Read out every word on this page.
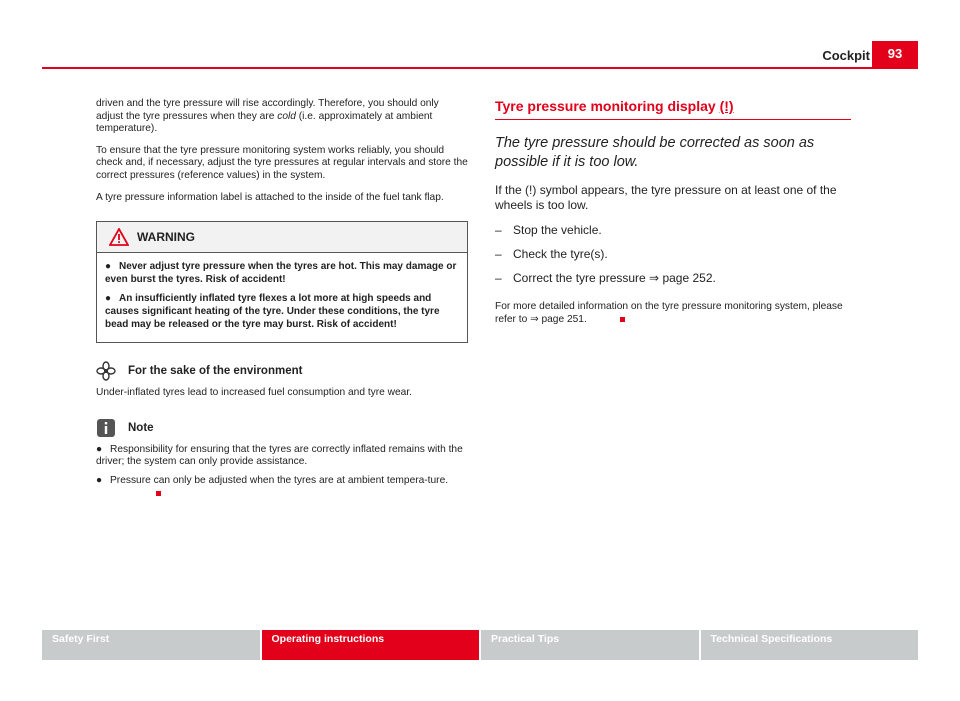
Cockpit	93

driven and the tyre pressure will rise accordingly. Therefore, you should only adjust the tyre pressures when they are cold (i.e. approximately at ambient temperature).

To ensure that the tyre pressure monitoring system works reliably, you should check and, if necessary, adjust the tyre pressures at regular intervals and store the correct pressures (reference values) in the system.

A tyre pressure information label is attached to the inside of the fuel tank flap.

WARNING

● Never adjust tyre pressure when the tyres are hot. This may damage or even burst the tyres. Risk of accident!

● An insufficiently inflated tyre flexes a lot more at high speeds and causes significant heating of the tyre. Under these conditions, the tyre bead may be released or the tyre may burst. Risk of accident!

For the sake of the environment

Under-inflated tyres lead to increased fuel consumption and tyre wear.

Note

● Responsibility for ensuring that the tyres are correctly inflated remains with the driver; the system can only provide assistance.

● Pressure can only be adjusted when the tyres are at ambient tempera-ture.

Tyre pressure monitoring display (!)

The tyre pressure should be corrected as soon as possible if it is too low.

If the (!) symbol appears, the tyre pressure on at least one of the wheels is too low.

– Stop the vehicle.

– Check the tyre(s).

– Correct the tyre pressure ⇒ page 252.

For more detailed information on the tyre pressure monitoring system, please refer to ⇒ page 251.

Safety First	Operating instructions	Practical Tips	Technical Specifications
